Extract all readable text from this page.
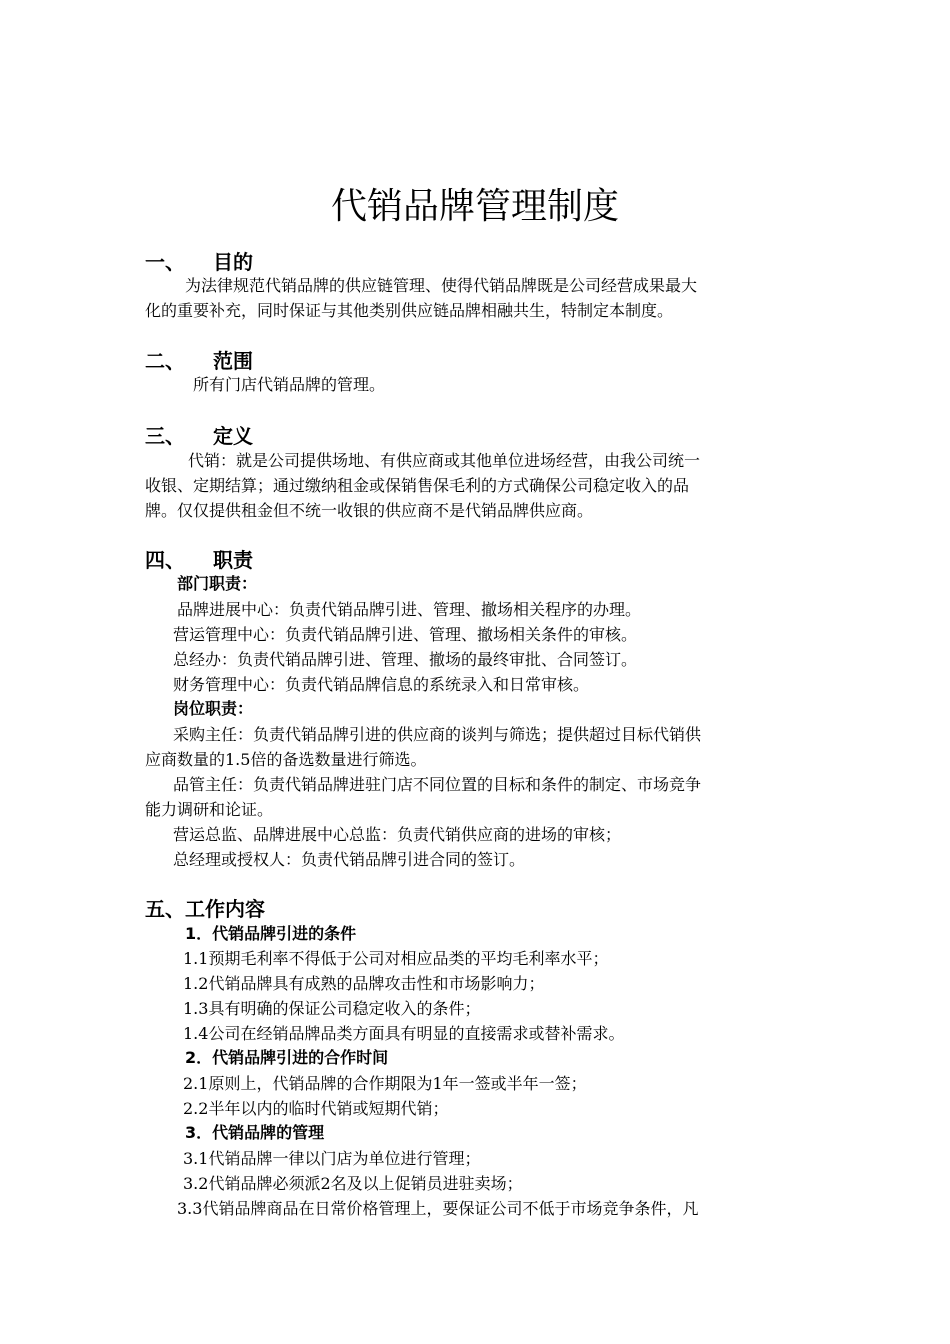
代销品牌管理制度
一、 目的
为法律规范代销品牌的供应链管理、使得代销品牌既是公司经营成果最大
化的重要补充，同时保证与其他类别供应链品牌相融共生，特制定本制度。
二、 范围
所有门店代销品牌的管理。
三、 定义
代销：就是公司提供场地、有供应商或其他单位进场经营，由我公司统一
收银、定期结算；通过缴纳租金或保销售保毛利的方式确保公司稳定收入的品
牌。仅仅提供租金但不统一收银的供应商不是代销品牌供应商。
四、 职责
部门职责：
品牌进展中心：负责代销品牌引进、管理、撤场相关程序的办理。
营运管理中心：负责代销品牌引进、管理、撤场相关条件的审核。
总经办：负责代销品牌引进、管理、撤场的最终审批、合同签订。
财务管理中心：负责代销品牌信息的系统录入和日常审核。
岗位职责：
采购主任：负责代销品牌引进的供应商的谈判与筛选；提供超过目标代销供
应商数量的1.5倍的备选数量进行筛选。
品管主任：负责代销品牌进驻门店不同位置的目标和条件的制定、市场竞争
能力调研和论证。
营运总监、品牌进展中心总监：负责代销供应商的进场的审核；
总经理或授权人：负责代销品牌引进合同的签订。
五、工作内容
1．代销品牌引进的条件
1.1预期毛利率不得低于公司对相应品类的平均毛利率水平；
1.2代销品牌具有成熟的品牌攻击性和市场影响力；
1.3具有明确的保证公司稳定收入的条件；
1.4公司在经销品牌品类方面具有明显的直接需求或替补需求。
2．代销品牌引进的合作时间
2.1原则上，代销品牌的合作期限为1年一签或半年一签；
2.2半年以内的临时代销或短期代销；
3．代销品牌的管理
3.1代销品牌一律以门店为单位进行管理；
3.2代销品牌必须派2名及以上促销员进驻卖场；
3.3代销品牌商品在日常价格管理上，要保证公司不低于市场竞争条件，凡
